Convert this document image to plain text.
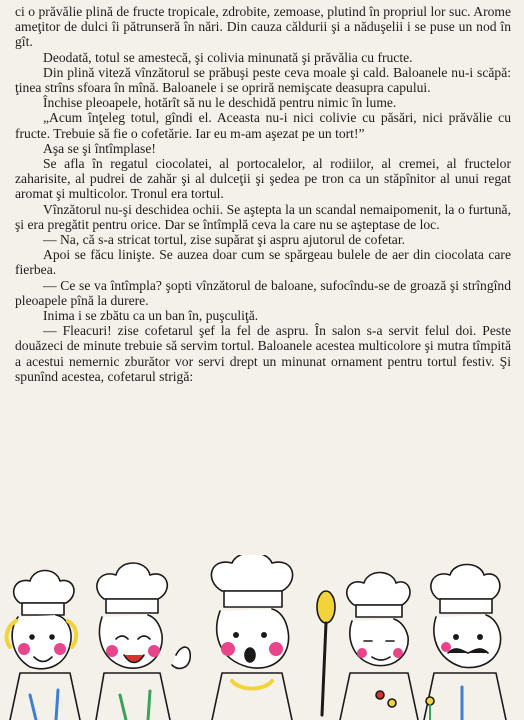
ci o prăvălie plină de fructe tropicale, zdrobite, zemoase, plutind în propriul lor suc. Arome ameţitor de dulci îi pătrunseră în nări. Din cauza căldurii şi a năduşelii i se puse un nod în gît.

Deodată, totul se amestecă, şi colivia minunată şi prăvălia cu fructe.

Din plină viteză vînzătorul se prăbuşi peste ceva moale şi cald. Baloanele nu-i scăpă: ţinea strîns sfoara în mînă. Baloanele i se opriră nemişcate deasupra capului.

Închise pleoapele, hotărît să nu le deschidă pentru nimic în lume.

„Acum înţeleg totul, gîndi el. Aceasta nu-i nici colivie cu păsări, nici prăvălie cu fructe. Trebuie să fie o cofetărie. Iar eu m-am aşezat pe un tort!”

Aşa se şi întîmplase!

Se afla în regatul ciocolatei, al portocalelor, al rodiilor, al cremei, al fructelor zaharisite, al pudrei de zahăr şi al dulceţii şi şedea pe tron ca un stăpînitor al unui regat aromat şi multicolor. Tronul era tortul.

Vînzătorul nu-şi deschidea ochii. Se aştepta la un scandal nemaipomenit, la o furtună, şi era pregătit pentru orice. Dar se întîmplă ceva la care nu se aşteptase de loc.

— Na, că s-a stricat tortul, zise supărat şi aspru ajutorul de cofetar.

Apoi se făcu linişte. Se auzea doar cum se spărgeau bulele de aer din ciocolata care fierbea.

— Ce se va întîmpla? şopti vînzătorul de baloane, sufocîndu-se de groază şi strîngînd pleoapele pînă la durere.

Inima i se zbătu ca un ban în, puşculiţă.

— Fleacuri! zise cofetarul şef la fel de aspru. În salon s-a servit felul doi. Peste douăzeci de minute trebuie să servim tortul. Baloanele acestea multicolore şi mutra tîmpită a acestui nemernic zburător vor servi drept un minunat ornament pentru tortul festiv. Şi spunînd acestea, cofetarul strigă:
